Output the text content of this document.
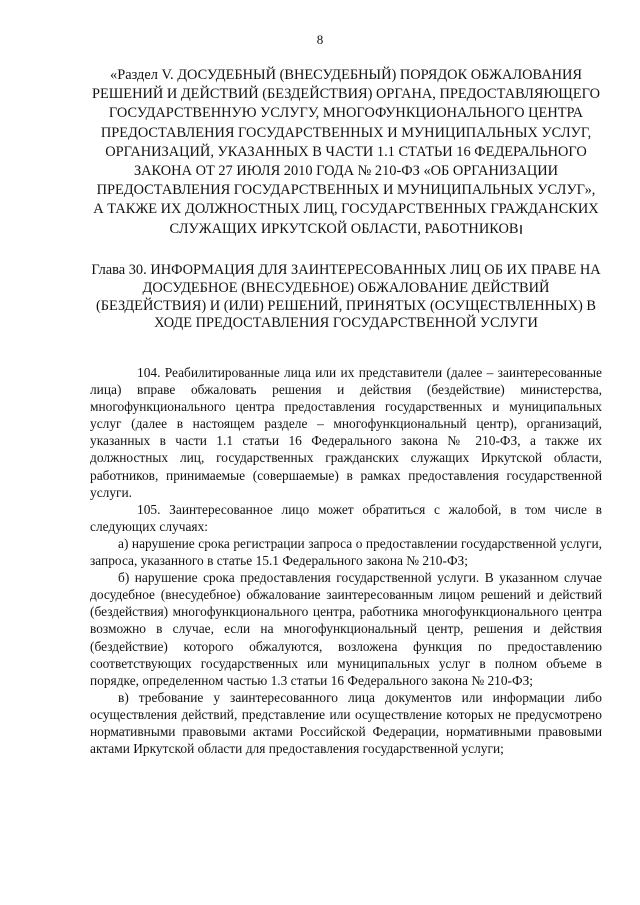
8
«Раздел V. ДОСУДЕБНЫЙ (ВНЕСУДЕБНЫЙ) ПОРЯДОК ОБЖАЛОВАНИЯ РЕШЕНИЙ И ДЕЙСТВИЙ (БЕЗДЕЙСТВИЯ) ОРГАНА, ПРЕДОСТАВЛЯЮЩЕГО ГОСУДАРСТВЕННУЮ УСЛУГУ, МНОГОФУНКЦИОНАЛЬНОГО ЦЕНТРА ПРЕДОСТАВЛЕНИЯ ГОСУДАРСТВЕННЫХ И МУНИЦИПАЛЬНЫХ УСЛУГ, ОРГАНИЗАЦИЙ, УКАЗАННЫХ В ЧАСТИ 1.1 СТАТЬИ 16 ФЕДЕРАЛЬНОГО ЗАКОНА ОТ 27 ИЮЛЯ 2010 ГОДА № 210-ФЗ «ОБ ОРГАНИЗАЦИИ ПРЕДОСТАВЛЕНИЯ ГОСУДАРСТВЕННЫХ И МУНИЦИПАЛЬНЫХ УСЛУГ», А ТАКЖЕ ИХ ДОЛЖНОСТНЫХ ЛИЦ, ГОСУДАРСТВЕННЫХ ГРАЖДАНСКИХ СЛУЖАЩИХ ИРКУТСКОЙ ОБЛАСТИ, РАБОТНИКОВ
Глава 30. ИНФОРМАЦИЯ ДЛЯ ЗАИНТЕРЕСОВАННЫХ ЛИЦ ОБ ИХ ПРАВЕ НА ДОСУДЕБНОЕ (ВНЕСУДЕБНОЕ) ОБЖАЛОВАНИЕ ДЕЙСТВИЙ (БЕЗДЕЙСТВИЯ) И (ИЛИ) РЕШЕНИЙ, ПРИНЯТЫХ (ОСУЩЕСТВЛЕННЫХ) В ХОДЕ ПРЕДОСТАВЛЕНИЯ ГОСУДАРСТВЕННОЙ УСЛУГИ

104. Реабилитированные лица или их представители (далее – заинтересованные лица) вправе обжаловать решения и действия (бездействие) министерства, многофункционального центра предоставления государственных и муниципальных услуг (далее в настоящем разделе – многофункциональный центр), организаций, указанных в части 1.1 статьи 16 Федерального закона № 210-ФЗ, а также их должностных лиц, государственных гражданских служащих Иркутской области, работников, принимаемые (совершаемые) в рамках предоставления государственной услуги.

105. Заинтересованное лицо может обратиться с жалобой, в том числе в следующих случаях:

а) нарушение срока регистрации запроса о предоставлении государственной услуги, запроса, указанного в статье 15.1 Федерального закона № 210-ФЗ;

б) нарушение срока предоставления государственной услуги. В указанном случае досудебное (внесудебное) обжалование заинтересованным лицом решений и действий (бездействия) многофункционального центра, работника многофункционального центра возможно в случае, если на многофункциональный центр, решения и действия (бездействие) которого обжалуются, возложена функция по предоставлению соответствующих государственных или муниципальных услуг в полном объеме в порядке, определенном частью 1.3 статьи 16 Федерального закона № 210-ФЗ;

в) требование у заинтересованного лица документов или информации либо осуществления действий, представление или осуществление которых не предусмотрено нормативными правовыми актами Российской Федерации, нормативными правовыми актами Иркутской области для предоставления государственной услуги;
